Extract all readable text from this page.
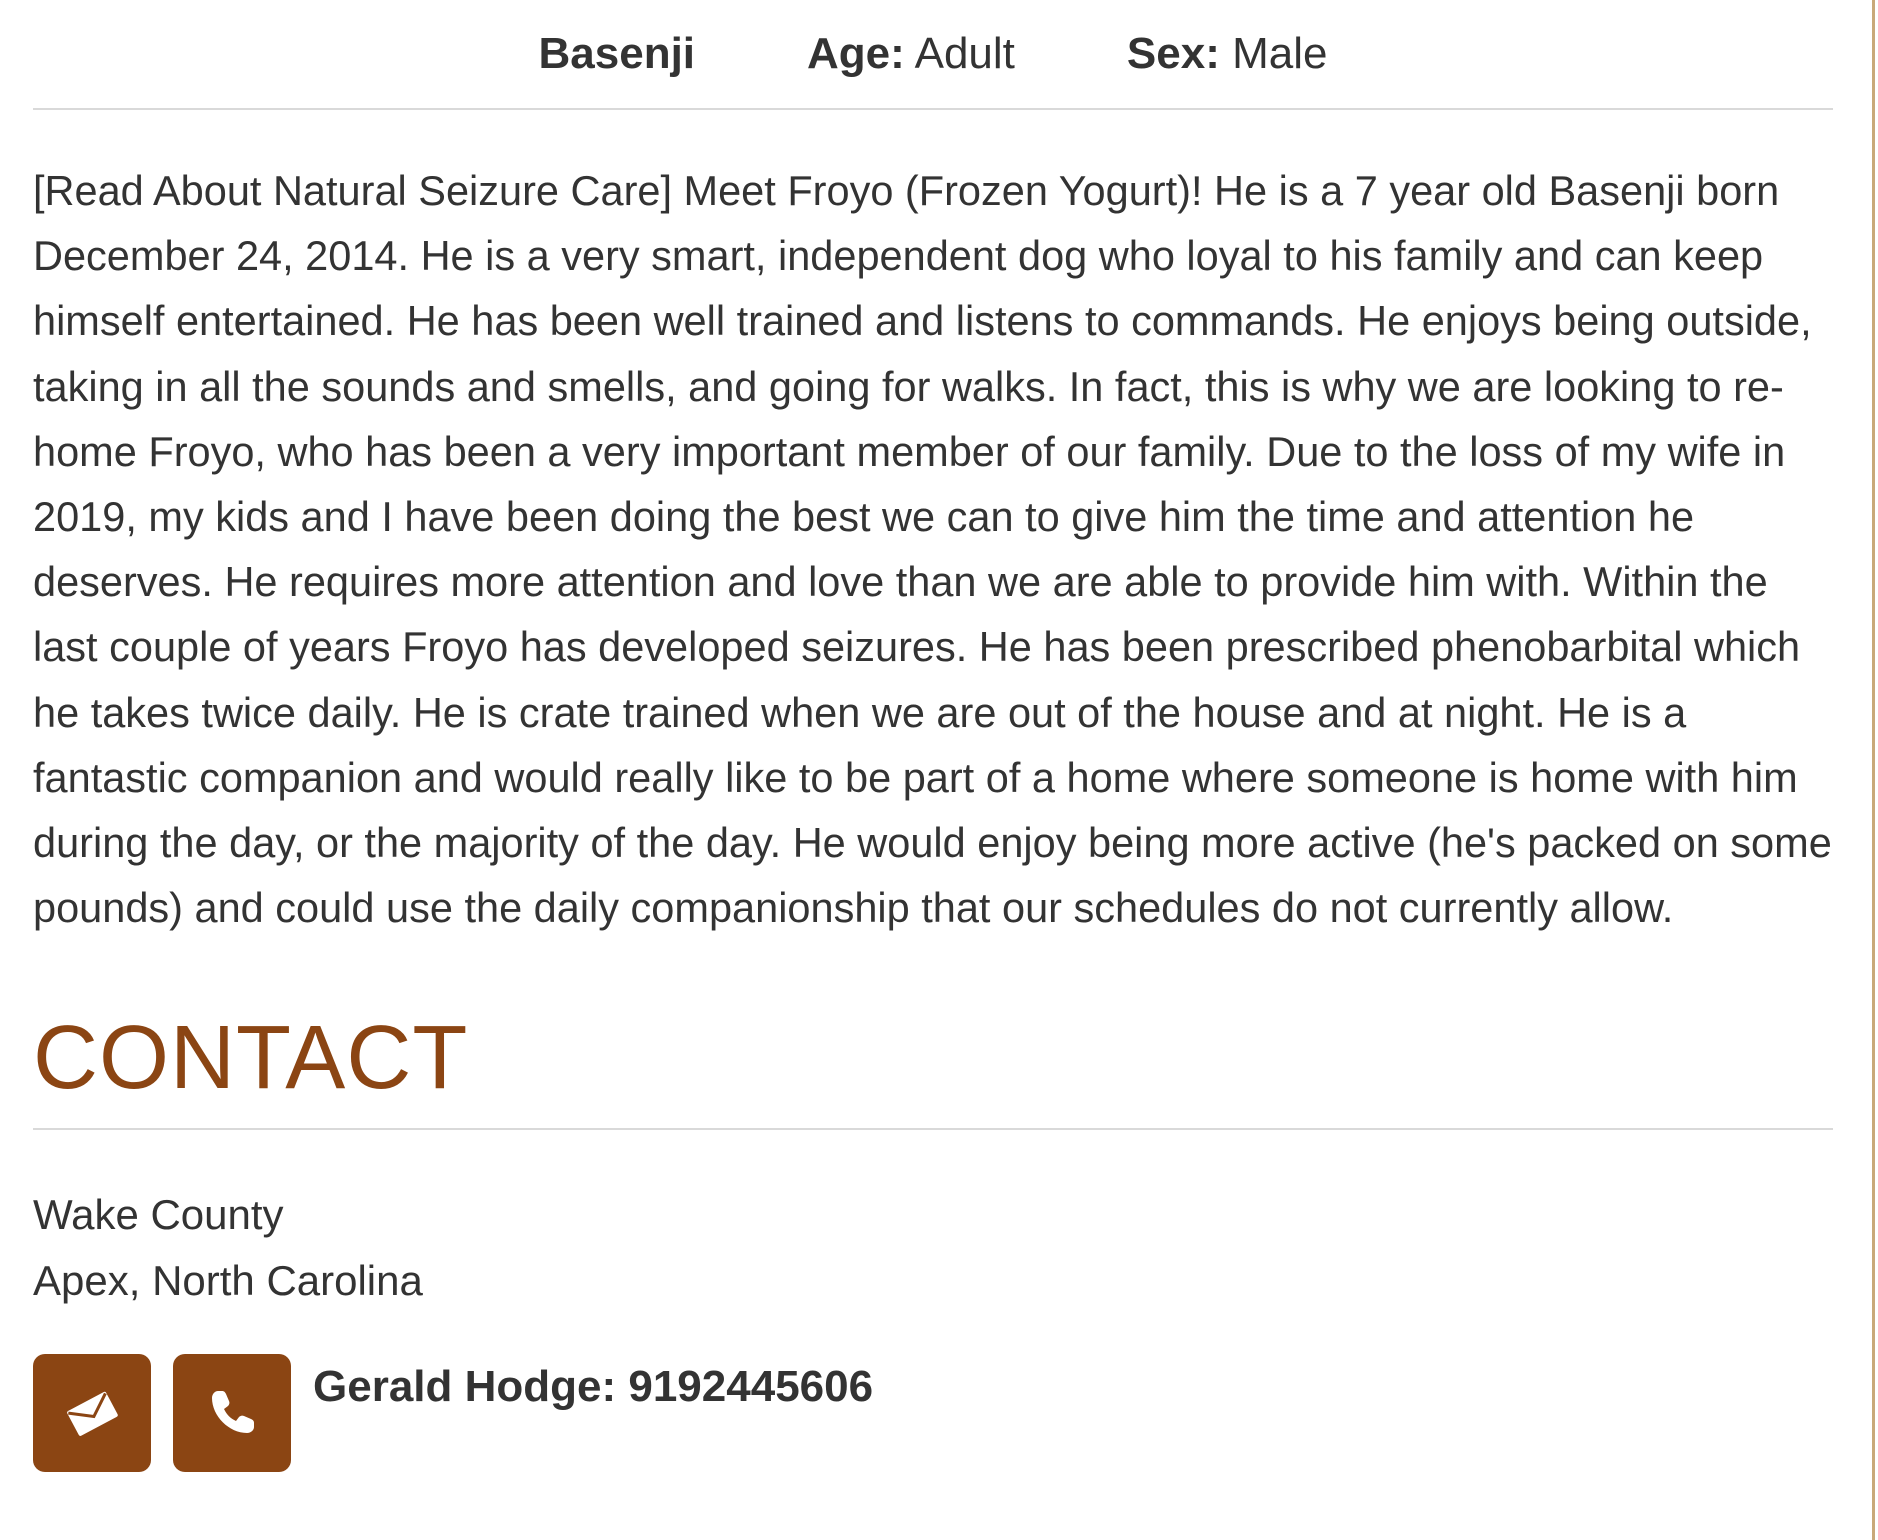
Basenji	Age: Adult	Sex: Male

[Read About Natural Seizure Care] Meet Froyo (Frozen Yogurt)! He is a 7 year old Basenji born December 24, 2014. He is a very smart, independent dog who loyal to his family and can keep himself entertained. He has been well trained and listens to commands. He enjoys being outside, taking in all the sounds and smells, and going for walks. In fact, this is why we are looking to re-home Froyo, who has been a very important member of our family. Due to the loss of my wife in 2019, my kids and I have been doing the best we can to give him the time and attention he deserves. He requires more attention and love than we are able to provide him with. Within the last couple of years Froyo has developed seizures. He has been prescribed phenobarbital which he takes twice daily. He is crate trained when we are out of the house and at night. He is a fantastic companion and would really like to be part of a home where someone is home with him during the day, or the majority of the day. He would enjoy being more active (he's packed on some pounds) and could use the daily companionship that our schedules do not currently allow.

CONTACT
Wake County
Apex, North Carolina
Gerald Hodge: 9192445606
